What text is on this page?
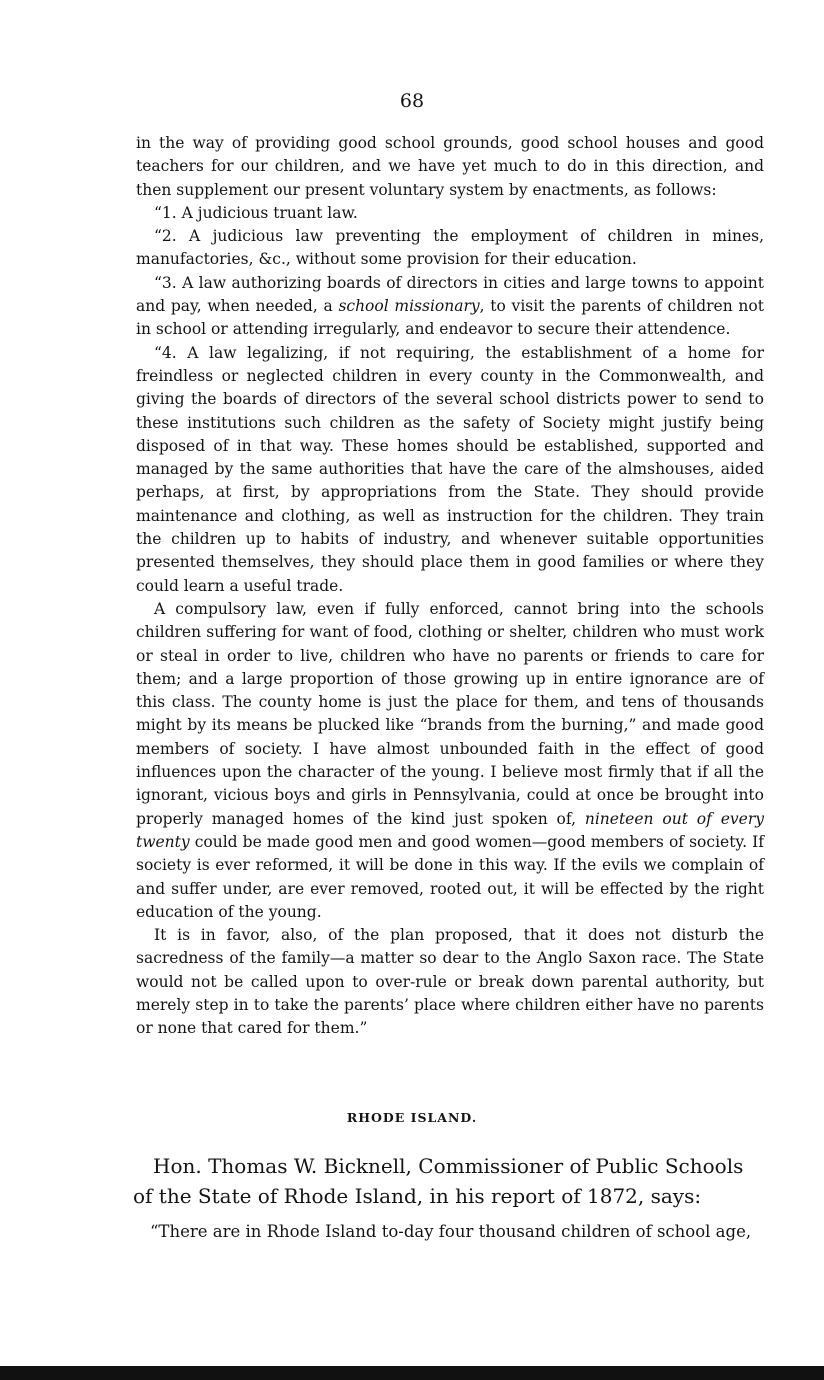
68

in the way of providing good school grounds, good school houses and good teachers for our children, and we have yet much to do in this direction, and then supplement our present voluntary system by enactments, as follows:

“1. A judicious truant law.

“2. A judicious law preventing the employment of children in mines, manufactories, &c., without some provision for their education.

“3. A law authorizing boards of directors in cities and large towns to appoint and pay, when needed, a school missionary, to visit the parents of children not in school or attending irregularly, and endeavor to secure their attendence.

“4. A law legalizing, if not requiring, the establishment of a home for freindless or neglected children in every county in the Commonwealth, and giving the boards of directors of the several school districts power to send to these institutions such children as the safety of Society might justify being disposed of in that way. These homes should be established, supported and managed by the same authorities that have the care of the almshouses, aided perhaps, at first, by appropriations from the State. They should provide maintenance and clothing, as well as instruction for the children. They train the children up to habits of industry, and whenever suitable opportunities presented themselves, they should place them in good families or where they could learn a useful trade.

A compulsory law, even if fully enforced, cannot bring into the schools children suffering for want of food, clothing or shelter, children who must work or steal in order to live, children who have no parents or friends to care for them; and a large proportion of those growing up in entire ignorance are of this class. The county home is just the place for them, and tens of thousands might by its means be plucked like “brands from the burning,” and made good members of society. I have almost unbounded faith in the effect of good influences upon the character of the young. I believe most firmly that if all the ignorant, vicious boys and girls in Pennsylvania, could at once be brought into properly managed homes of the kind just spoken of, nineteen out of every twenty could be made good men and good women—good members of society. If society is ever reformed, it will be done in this way. If the evils we complain of and suffer under, are ever removed, rooted out, it will be effected by the right education of the young.

It is in favor, also, of the plan proposed, that it does not disturb the sacredness of the family—a matter so dear to the Anglo Saxon race. The State would not be called upon to over-rule or break down parental authority, but merely step in to take the parents’ place where children either have no parents or none that cared for them.”

RHODE ISLAND.

Hon. Thomas W. Bicknell, Commissioner of Public Schools of the State of Rhode Island, in his report of 1872, says:

“There are in Rhode Island to-day four thousand children of school age,
